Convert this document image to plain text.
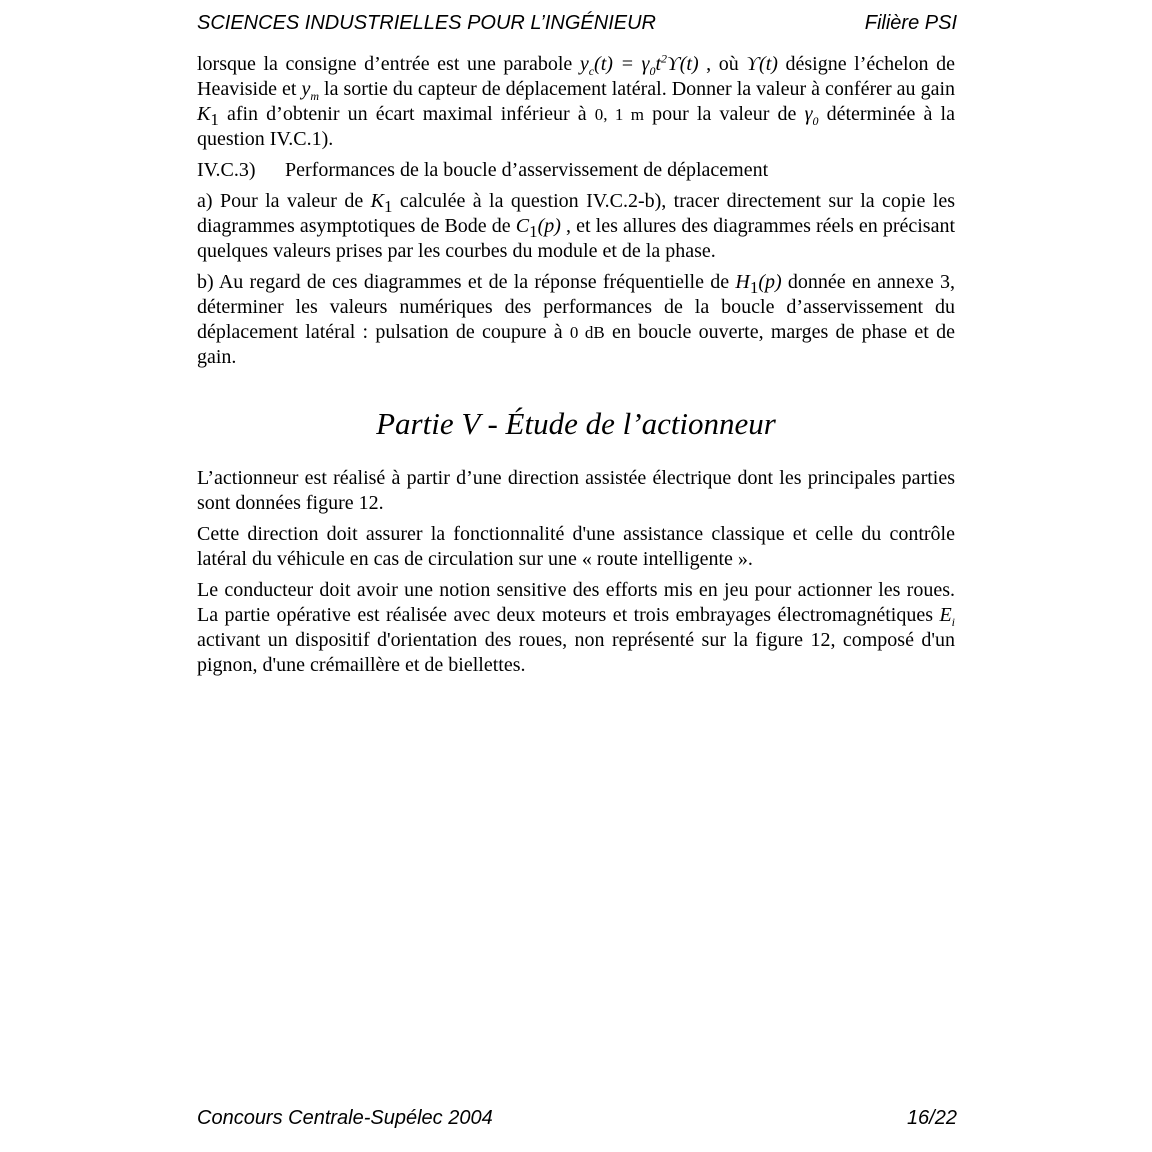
SCIENCES INDUSTRIELLES POUR L’INGÉNIEUR	Filière PSI

lorsque la consigne d’entrée est une parabole $y_c(t) = \gamma_0t^2ϒ(t)$ , où ϒ(t) désigne l’échelon de Heaviside et $y_m$ la sortie du capteur de déplacement latéral. Donner la valeur à conférer au gain $K_1$ afin d’obtenir un écart maximal inférieur à 0, 1 m pour la valeur de $\gamma_0$ déterminée à la question IV.C.1).

IV.C.3) Performances de la boucle d’asservissement de déplacement

a) Pour la valeur de $K_1$ calculée à la question IV.C.2-b), tracer directement sur la copie les diagrammes asymptotiques de Bode de $C_1(p)$ , et les allures des diagrammes réels en précisant quelques valeurs prises par les courbes du module et de la phase.

b) Au regard de ces diagrammes et de la réponse fréquentielle de $H_1(p)$ donnée en annexe 3, déterminer les valeurs numériques des performances de la boucle d’asservissement du déplacement latéral : pulsation de coupure à 0 dB en boucle ouverte, marges de phase et de gain.

Partie V - Étude de l’actionneur

L’actionneur est réalisé à partir d’une direction assistée électrique dont les principales parties sont données figure 12.

Cette direction doit assurer la fonctionnalité d'une assistance classique et celle du contrôle latéral du véhicule en cas de circulation sur une « route intelligente ».

Le conducteur doit avoir une notion sensitive des efforts mis en jeu pour actionner les roues. La partie opérative est réalisée avec deux moteurs et trois embrayages électromagnétiques $E_i$ activant un dispositif d'orientation des roues, non représenté sur la figure 12, composé d'un pignon, d'une crémaillère et de biellettes.

Concours Centrale-Supélec 2004	16/22
